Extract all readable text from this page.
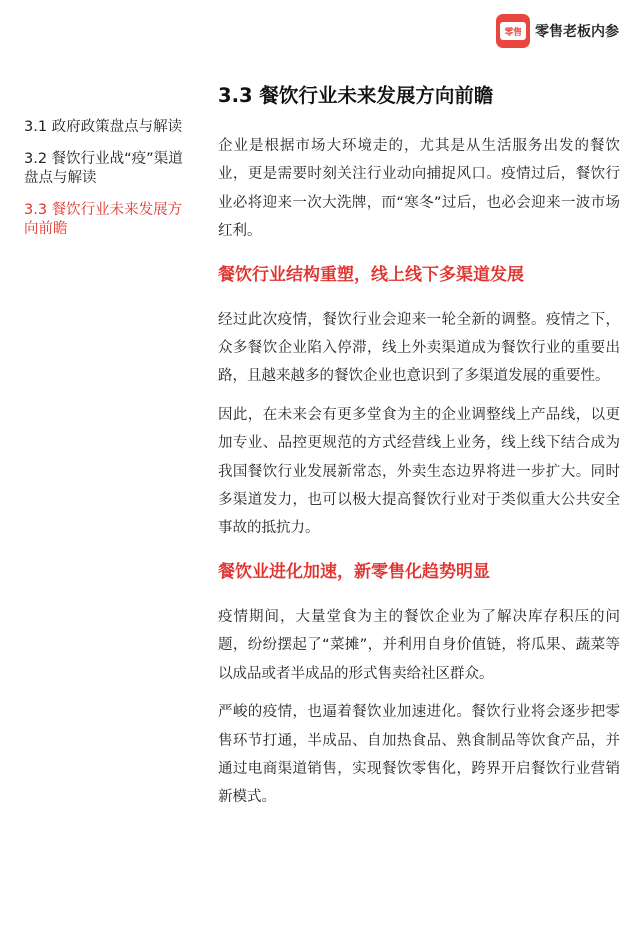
零售 零售老板内参
3.1 政府政策盘点与解读
3.2 餐饮行业战“疫”渠道盘点与解读
3.3 餐饮行业未来发展方向前瞻
3.3 餐饮行业未来发展方向前瞻

企业是根据市场大环境走的，尤其是从生活服务出发的餐饮业，更是需要时刻关注行业动向捕捉风口。疫情过后，餐饮行业必将迎来一次大洗牌，而“寒冬”过后，也必会迎来一波市场红利。

餐饮行业结构重塑，线上线下多渠道发展

经过此次疫情，餐饮行业会迎来一轮全新的调整。疫情之下，众多餐饮企业陷入停滞，线上外卖渠道成为餐饮行业的重要出路，且越来越多的餐饮企业也意识到了多渠道发展的重要性。

因此，在未来会有更多堂食为主的企业调整线上产品线，以更加专业、品控更规范的方式经营线上业务，线上线下结合成为我国餐饮行业发展新常态，外卖生态边界将进一步扩大。同时多渠道发力，也可以极大提高餐饮行业对于类似重大公共安全事故的抵抗力。

餐饮业进化加速，新零售化趋势明显

疫情期间，大量堂食为主的餐饮企业为了解决库存积压的问题，纷纷摆起了“菜摊”，并利用自身价值链，将瓜果、蔬菜等以成品或者半成品的形式售卖给社区群众。

严峻的疫情，也逼着餐饮业加速进化。餐饮行业将会逐步把零售环节打通，半成品、自加热食品、熟食制品等饮食产品，并通过电商渠道销售，实现餐饮零售化，跨界开启餐饮行业营销新模式。
